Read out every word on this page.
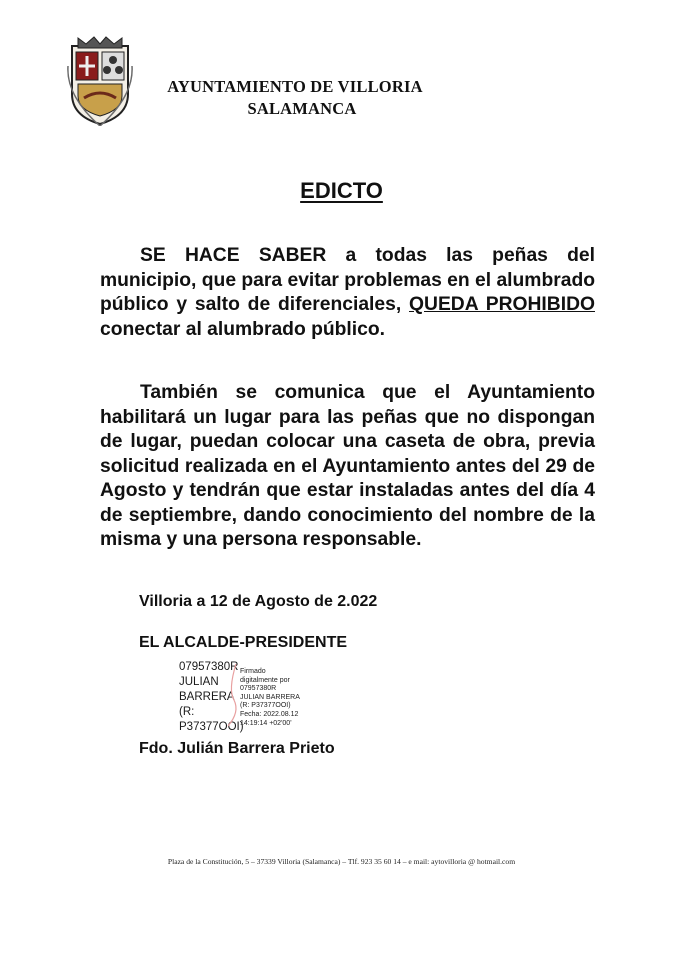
AYUNTAMIENTO DE VILLORIA
SALAMANCA
EDICTO
SE HACE SABER a todas las peñas del municipio, que para evitar problemas en el alumbrado público y salto de diferenciales, QUEDA PROHIBIDO conectar al alumbrado público.
También se comunica que el Ayuntamiento habilitará un lugar para las peñas que no dispongan de lugar, puedan colocar una caseta de obra, previa solicitud realizada en el Ayuntamiento antes del 29 de Agosto y tendrán que estar instaladas antes del día 4 de septiembre, dando conocimiento del nombre de la misma y una persona responsable.
Villoria a 12 de Agosto de 2.022
EL ALCALDE-PRESIDENTE
07957380R
JULIAN
BARRERA
(R:
P37377OOI)
Firmado
digitalmente por
07957380R
JULIAN BARRERA
(R: P37377OOI)
Fecha: 2022.08.12
14:19:14 +02'00'
Fdo. Julián Barrera Prieto
Plaza de la Constitución, 5 – 37339 Villoria (Salamanca) – Tlf. 923 35 60 14 – e mail: aytovilloria @ hotmail.com
